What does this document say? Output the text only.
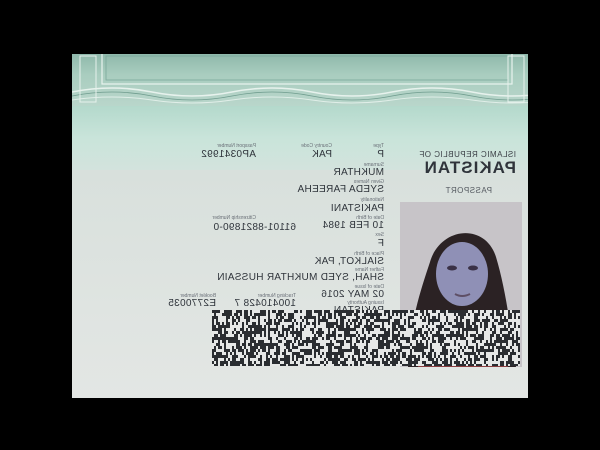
ISLAMIC REPUBLIC OF
PAKISTAN
PASSPORT
Type
P
Country Code
PAK
Passport Number
AP0341992
Surname
MUKHTAR
Given Names
SYEDA FAREEHA
Nationality
PAKISTANI
Date of Birth
10 FEB 1984
Citizenship Number
61101-8821890-0
Sex
F
Place of Birth
SIALKOT, PAK
Father Name
SHAH, SYED MUKHTAR HUSSAIN
Date of Issue
02 MAY 2016
Issuing Authority
Tracking Number
100410428 7
Booklet Number
E2770035
